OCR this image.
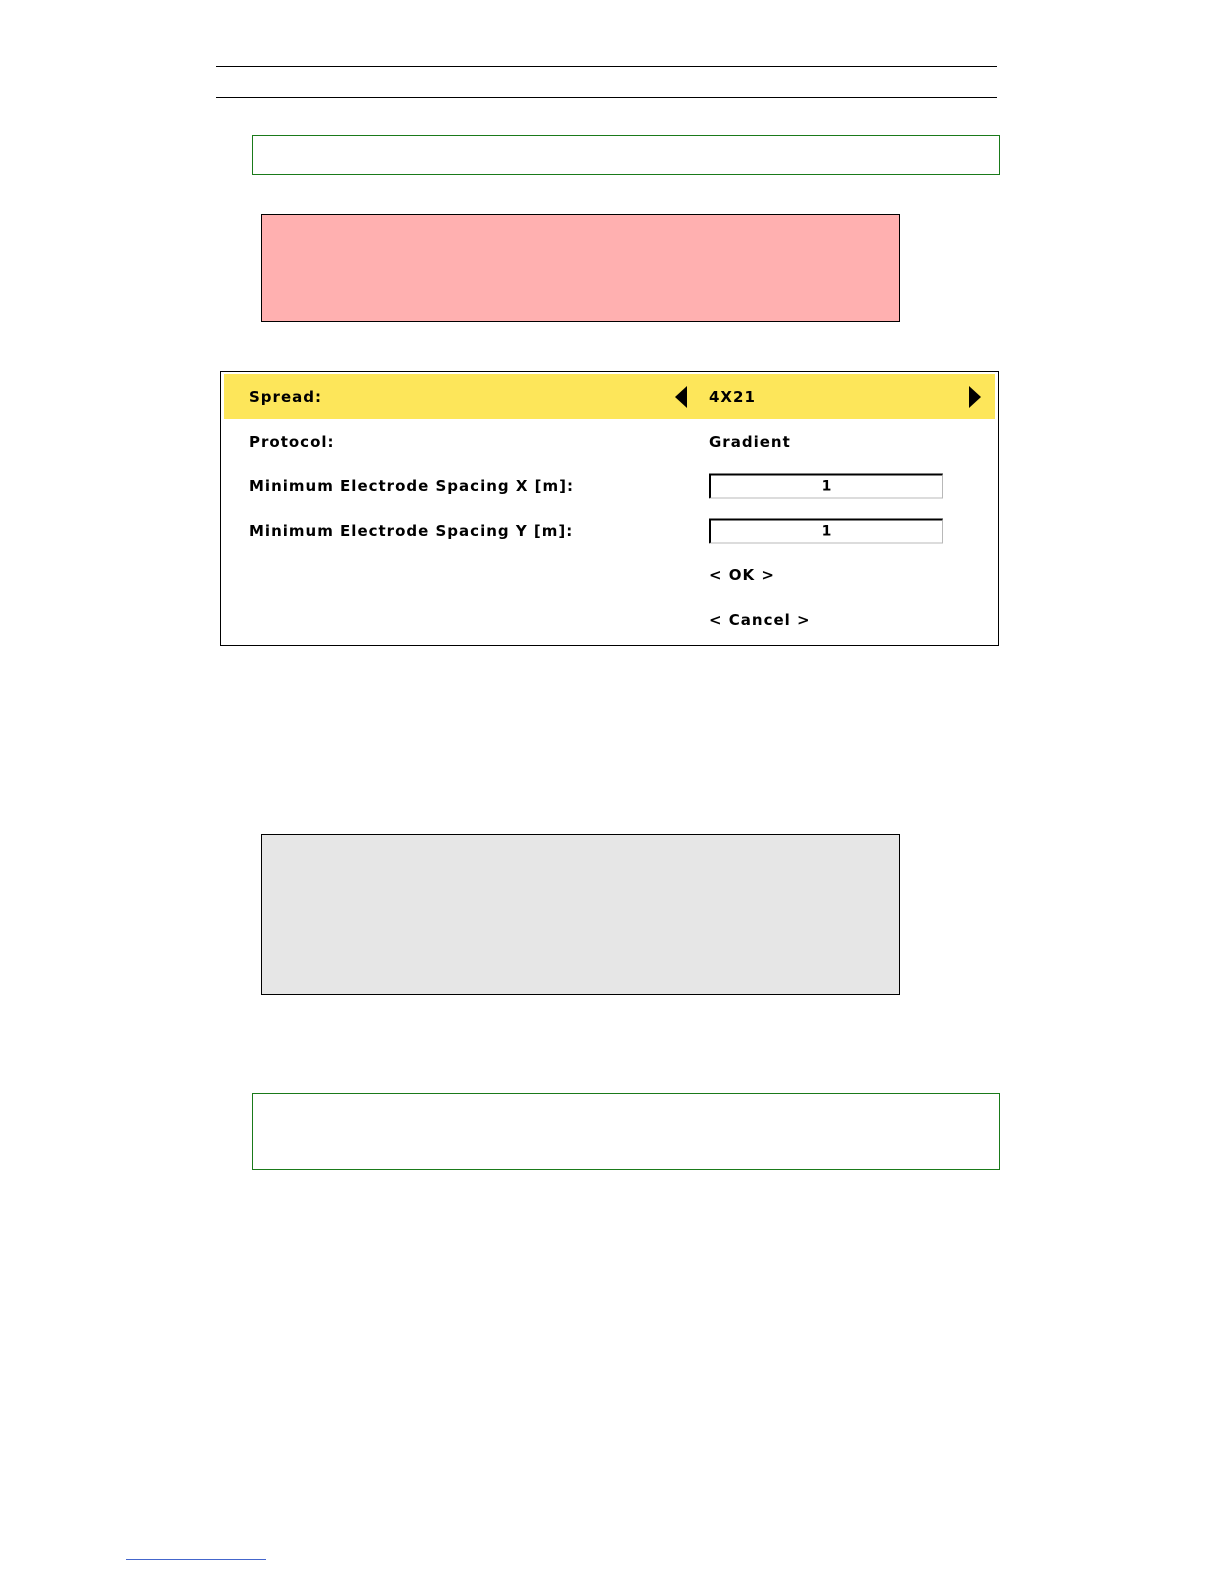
Spread:	4X21
Protocol:	Gradient
Minimum Electrode Spacing X [m]:
1
Minimum Electrode Spacing Y [m]:
1
< OK >
< Cancel >
